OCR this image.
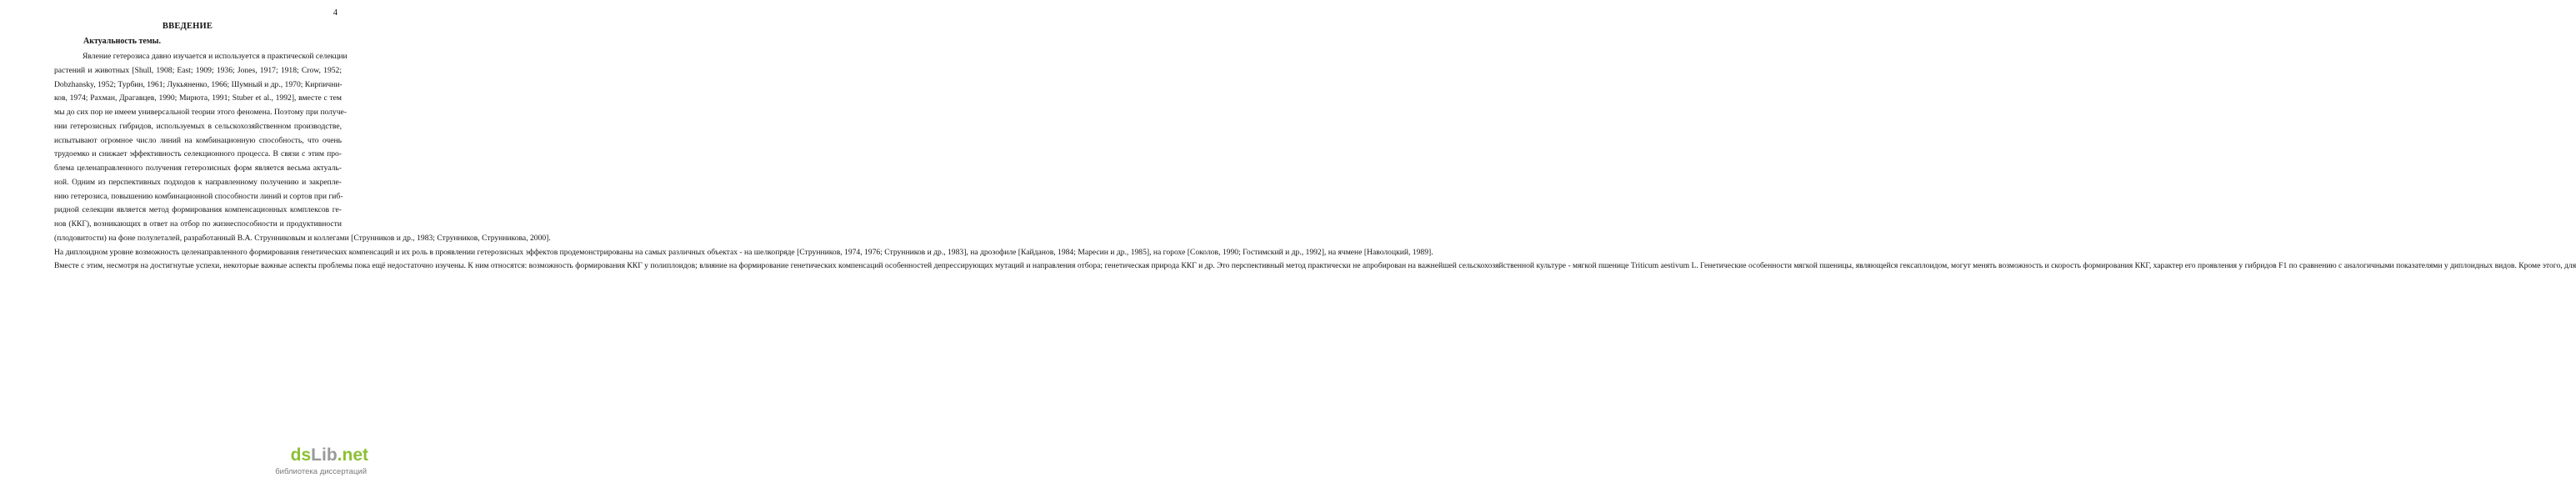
4
ВВЕДЕНИЕ
Актуальность темы.
Явление гетерозиса давно изучается и используется в практической селекции
растений и животных [Shull, 1908; East; 1909; 1936; Jones, 1917; 1918; Crow, 1952;
Dobzhansky, 1952; Турбин, 1961; Лукьяненко, 1966; Шумный и др., 1970; Кирпични-
ков, 1974; Рахман, Драгавцев, 1990; Мирюта, 1991; Stuber et al., 1992], вместе с тем
мы до сих пор не имеем универсальной теории этого феномена. Поэтому при получе-
нии гетерозисных гибридов, используемых в сельскохозяйственном производстве,
испытывают огромное число линий на комбинационную способность, что очень
трудоемко и снижает эффективность селекционного процесса. В связи с этим про-
блема целенаправленного получения гетерозисных форм является весьма актуаль-
ной. Одним из перспективных подходов к направленному получению и закрепле-
нию гетерозиса, повышению комбинационной способности линий и сортов при гиб-
ридной селекции является метод формирования компенсационных комплексов ге-
нов (ККГ), возникающих в ответ на отбор по жизнеспособности и продуктивности
(плодовитости) на фоне полулеталей, разработанный В.А. Струнниковым и коллегами [Струнников и др., 1983; Струнников, Струнникова, 2000].
На диплоидном уровне возможность целенаправленного формирования генетических компенсаций и их роль в проявлении гетерозисных эффектов продемонстрированы на самых различных объектах - на шелкопряде [Струнников, 1974, 1976; Струнников и др., 1983], на дрозофиле [Кайданов, 1984; Маресин и др., 1985], на горохе [Соколов, 1990; Гостимский и др., 1992], на ячмене [Наволоцкий, 1989].
Вместе с этим, несмотря на достигнутые успехи, некоторые важные аспекты проблемы пока ещё недостаточно изучены. К ним относятся: возможность формирования ККГ у полиплоидов; влияние на формирование генетических компенсаций особенностей депрессирующих мутаций и направления отбора; генетическая природа ККГ и др. Это перспективный метод практически не апробирован на важнейшей сельскохозяйственной культуре - мягкой пшенице Triticum aestivum L. Генетические особенности мягкой пшеницы, являющейся гексаплоидом, могут менять возможность и скорость формирования ККГ, характер его проявления у гибридов F1 по сравнению с аналогичными показателями у диплоидных видов. Кроме этого, для
dsLib.net
библиотека диссертаций
